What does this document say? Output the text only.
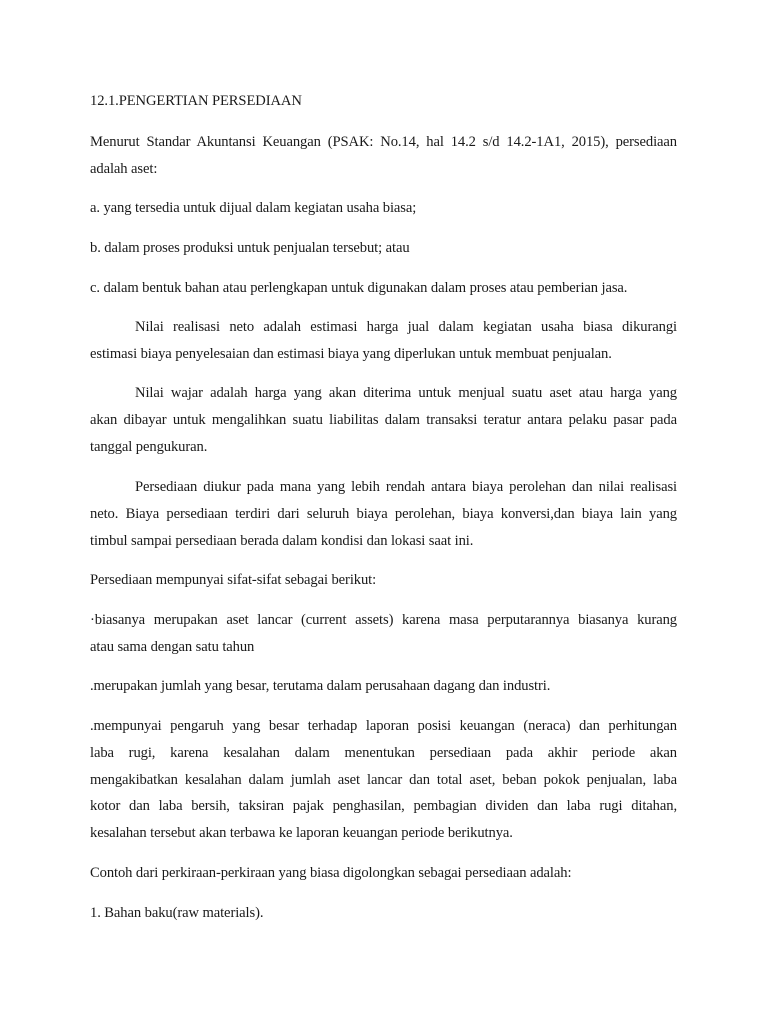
12.1.PENGERTIAN PERSEDIAAN
Menurut Standar Akuntansi Keuangan (PSAK: No.14, hal 14.2 s/d 14.2-1A1, 2015), persediaan
adalah aset:
a. yang tersedia untuk dijual dalam kegiatan usaha biasa;
b. dalam proses produksi untuk penjualan tersebut; atau
c. dalam bentuk bahan atau perlengkapan untuk digunakan dalam proses atau pemberian jasa.
Nilai realisasi neto adalah estimasi harga jual dalam kegiatan usaha biasa dikurangi
estimasi biaya penyelesaian dan estimasi biaya yang diperlukan untuk membuat penjualan.
Nilai wajar adalah harga yang akan diterima untuk menjual suatu aset atau harga yang
akan dibayar untuk mengalihkan suatu liabilitas dalam transaksi teratur antara pelaku pasar pada
tanggal pengukuran.
Persediaan diukur pada mana yang lebih rendah antara biaya perolehan dan nilai realisasi
neto. Biaya persediaan terdiri dari seluruh biaya perolehan, biaya konversi,dan biaya lain yang
timbul sampai persediaan berada dalam kondisi dan lokasi saat ini.
Persediaan mempunyai sifat-sifat sebagai berikut:
·biasanya merupakan aset lancar (current assets) karena masa perputarannya biasanya kurang
atau sama dengan satu tahun
.merupakan jumlah yang besar, terutama dalam perusahaan dagang dan industri.
.mempunyai pengaruh yang besar terhadap laporan posisi keuangan (neraca) dan perhitungan
laba rugi, karena kesalahan dalam menentukan persediaan pada akhir periode akan
mengakibatkan kesalahan dalam jumlah aset lancar dan total aset, beban pokok penjualan, laba
kotor dan laba bersih, taksiran pajak penghasilan, pembagian dividen dan laba rugi ditahan,
kesalahan tersebut akan terbawa ke laporan keuangan periode berikutnya.
Contoh dari perkiraan-perkiraan yang biasa digolongkan sebagai persediaan adalah:
1. Bahan baku(raw materials).
